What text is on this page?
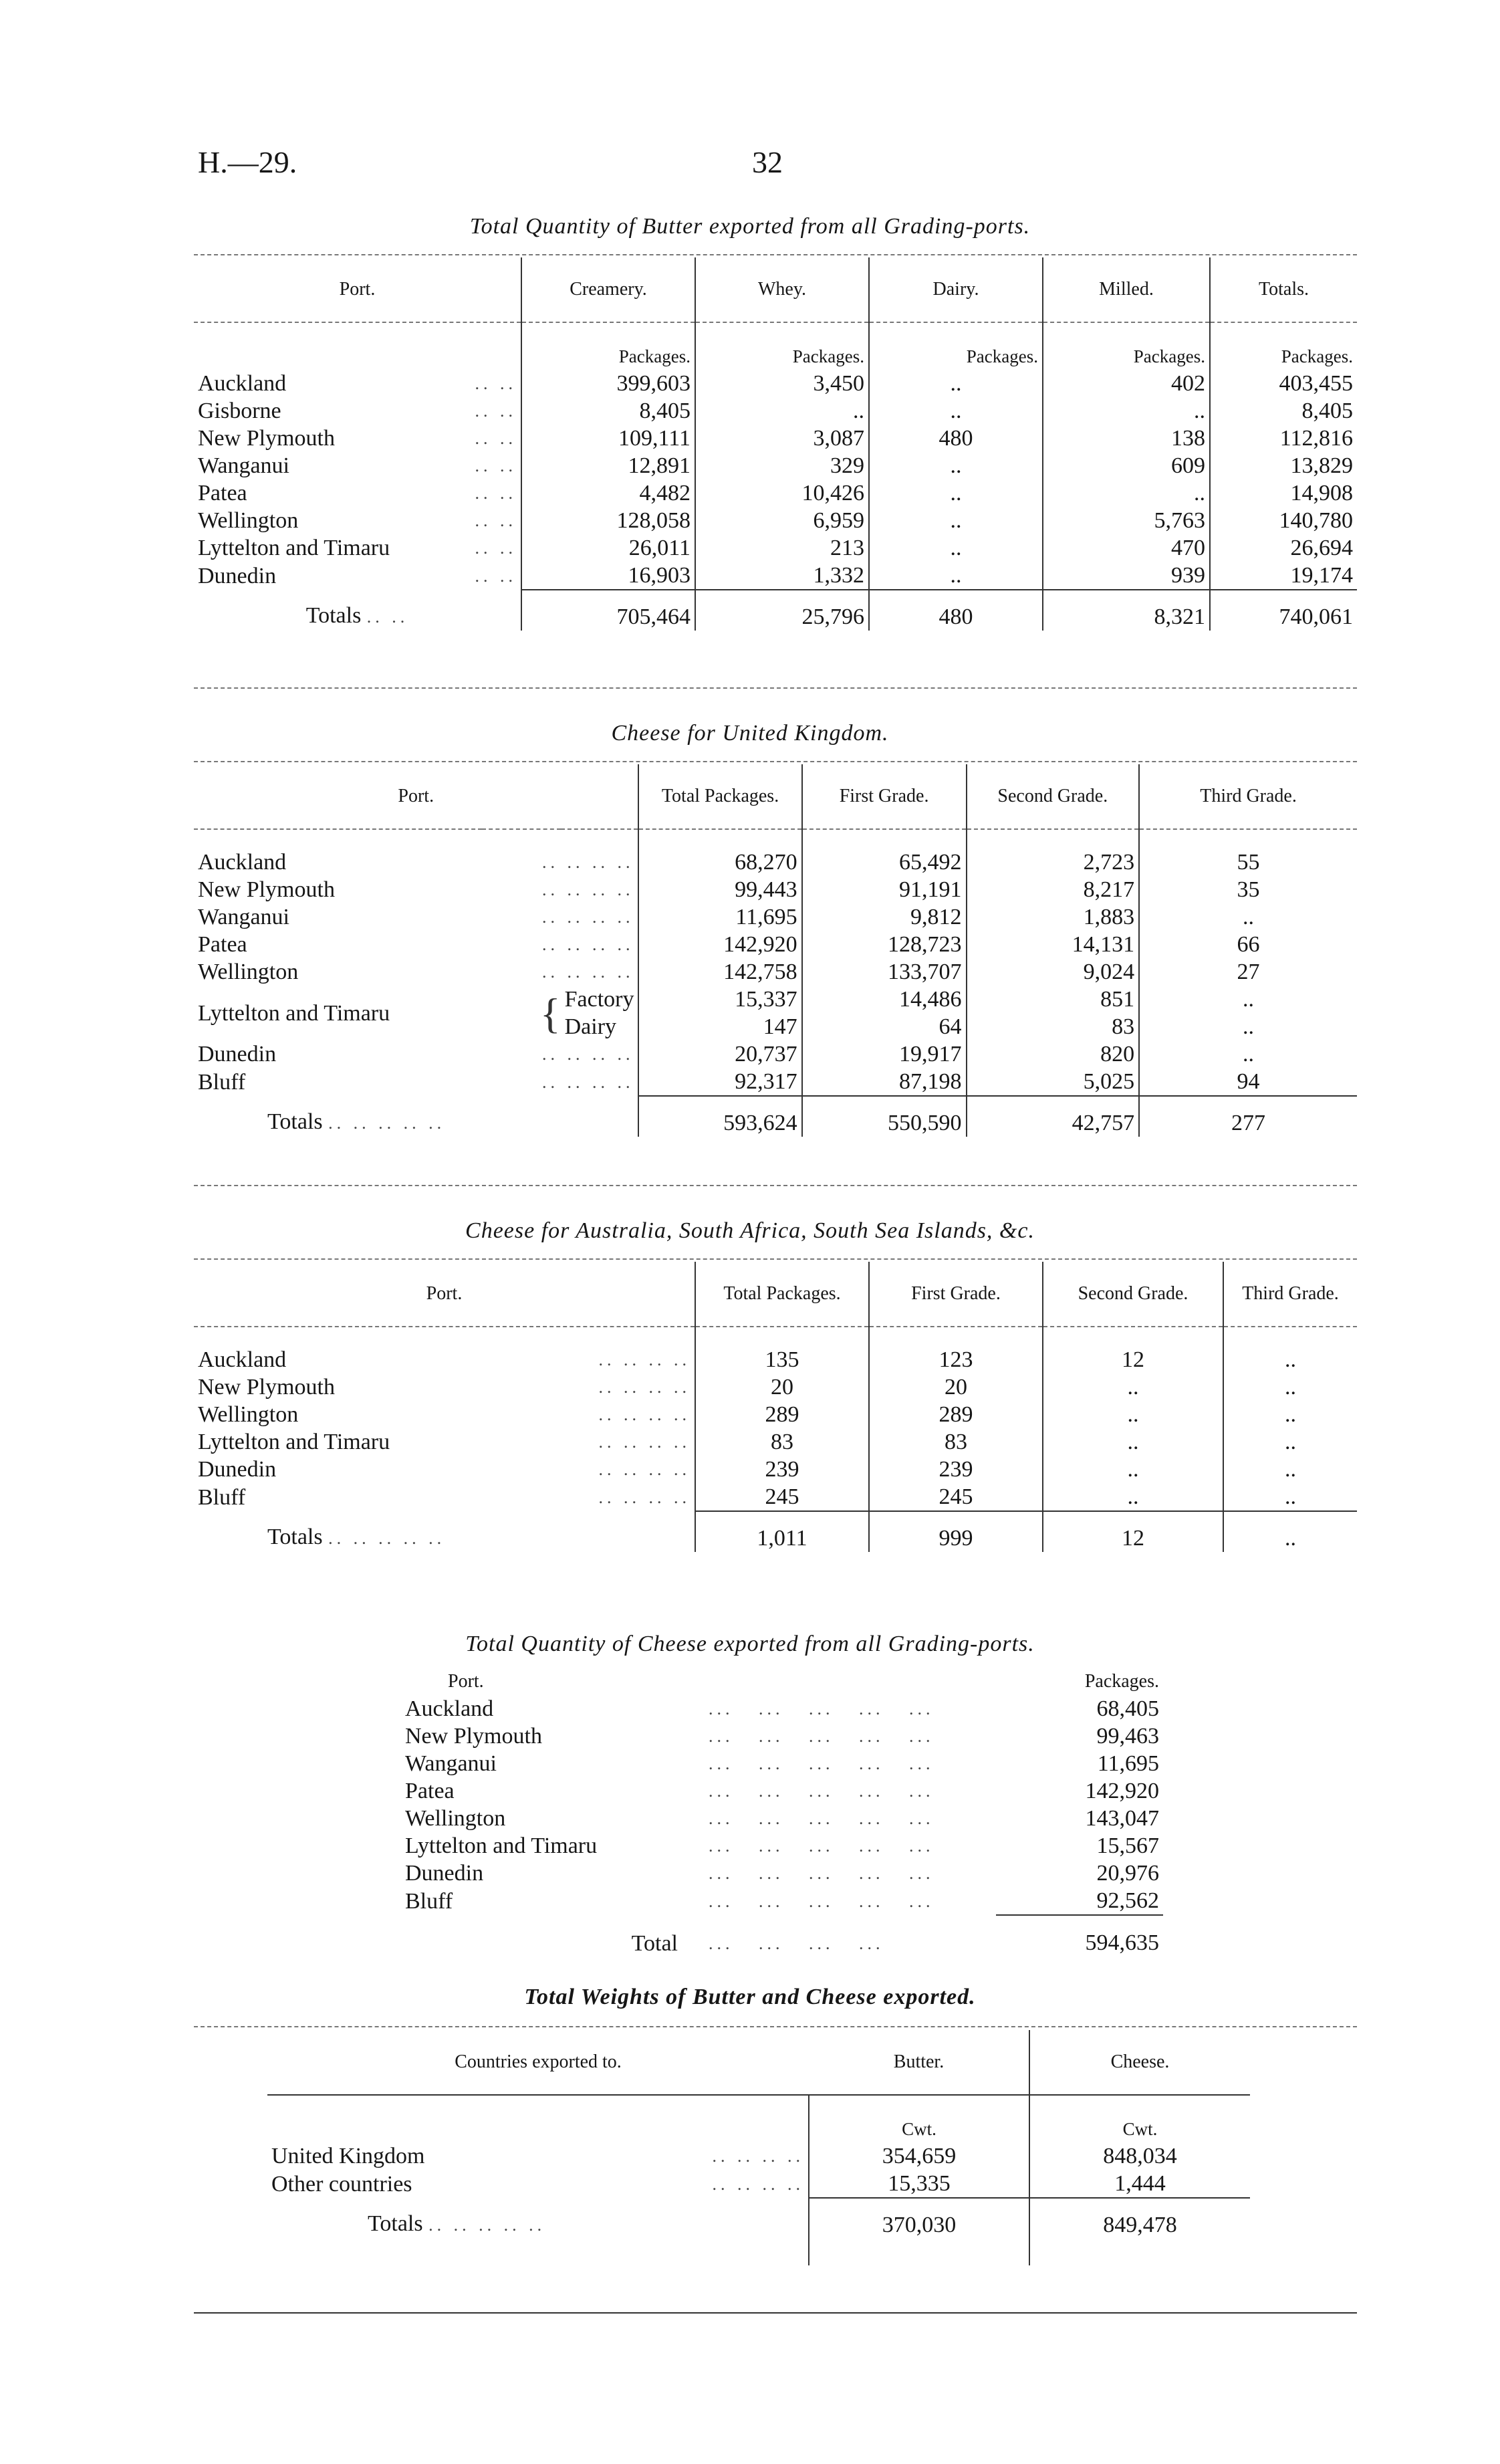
H.—29.	32
Total Quantity of Butter exported from all Grading-ports.
Port.	Creamery.	Whey.	Dairy.	Milled.	Totals.
	Packages.	Packages.	Packages.	Packages.	Packages.
Auckland .. ..	399,603	3,450	..	402	403,455
Gisborne .. ..	8,405	..	..	..	8,405
New Plymouth .. ..	109,111	3,087	480	138	112,816
Wanganui .. ..	12,891	329	..	609	13,829
Patea .. ..	4,482	10,426	..	..	14,908
Wellington .. ..	128,058	6,959	..	5,763	140,780
Lyttelton and Timaru .. ..	26,011	213	..	470	26,694
Dunedin .. ..	16,903	1,332	..	939	19,174
Totals .. ..	705,464	25,796	480	8,321	740,061
Cheese for United Kingdom.
Port.			Total Packages.	First Grade.	Second Grade.	Third Grade.

Auckland .. .. .. ..			68,270	65,492	2,723	55
New Plymouth .. .. .. ..			99,443	91,191	8,217	35
Wanganui .. .. .. ..			11,695	9,812	1,883	..
Patea .. .. .. ..			142,920	128,723	14,131	66
Wellington .. .. .. ..			142,758	133,707	9,024	27
Lyttelton and Timaru	{	Factory	15,337	14,486	851	..
		Dairy	147	64	83	..
Dunedin .. .. .. ..			20,737	19,917	820	..
Bluff .. .. .. ..			92,317	87,198	5,025	94
Totals .. .. .. .. ..			593,624	550,590	42,757	277
Cheese for Australia, South Africa, South Sea Islands, &c.
Port.	Total Packages.	First Grade.	Second Grade.	Third Grade.

Auckland .. .. .. ..	135	123	12	..
New Plymouth .. .. .. ..	20	20	..	..
Wellington .. .. .. ..	289	289	..	..
Lyttelton and Timaru .. .. .. ..	83	83	..	..
Dunedin .. .. .. ..	239	239	..	..
Bluff .. .. .. ..	245	245	..	..
Totals .. .. .. .. ..	1,011	999	12	..
Total Quantity of Cheese exported from all Grading-ports.
Port.		Packages.
Auckland	...   ...   ...   ...   ...	68,405
New Plymouth	...   ...   ...   ...   ...	99,463
Wanganui	...   ...   ...   ...   ...	11,695
Patea	...   ...   ...   ...   ...	142,920
Wellington	...   ...   ...   ...   ...	143,047
Lyttelton and Timaru	...   ...   ...   ...   ...	15,567
Dunedin	...   ...   ...   ...   ...	20,976
Bluff	...   ...   ...   ...   ...	92,562
Total	...   ...   ...   ...	594,635
Total Weights of Butter and Cheese exported.
Countries exported to.	Butter.	Cheese.
	Cwt.	Cwt.
United Kingdom .. .. .. ..	354,659	848,034
Other countries .. .. .. ..	15,335	1,444
Totals .. .. .. .. ..	370,030	849,478
